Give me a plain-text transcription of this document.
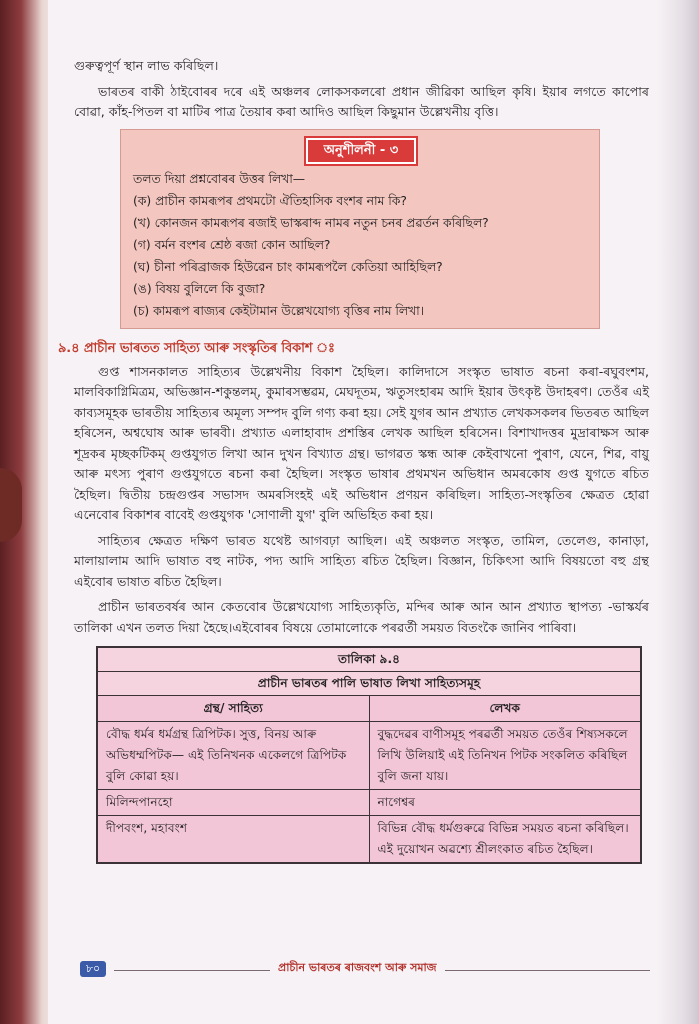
গুৰুত্বপূৰ্ণ স্থান লাভ কৰিছিল।

ভাৰতৰ বাকী ঠাইবোৰৰ দৰে এই অঞ্চলৰ লোকসকলৰো প্ৰধান জীৱিকা আছিল কৃষি। ইয়াৰ লগতে কাপোৰ বোৱা, কাঁহ-পিতল বা মাটিৰ পাত্ৰ তৈয়াৰ কৰা আদিও আছিল কিছুমান উল্লেখনীয় বৃত্তি।

অনুশীলনী - ৩
তলত দিয়া প্ৰশ্নবোৰৰ উত্তৰ লিখা—
(ক) প্ৰাচীন কামৰূপৰ প্ৰথমটো ঐতিহাসিক বংশৰ নাম কি?
(খ) কোনজন কামৰূপৰ ৰজাই ভাস্কৰাব্দ নামৰ নতুন চনৰ প্ৰৱৰ্তন কৰিছিল?
(গ) বৰ্মন বংশৰ শ্ৰেষ্ঠ ৰজা কোন আছিল?
(ঘ) চীনা পৰিব্ৰাজক হিউৱেন চাং কামৰূপলৈ কেতিয়া আহিছিল?
(ঙ) বিষয় বুলিলে কি বুজা?
(চ) কামৰূপ ৰাজ্যৰ কেইটামান উল্লেখযোগ্য বৃত্তিৰ নাম লিখা।
৯.৪ প্ৰাচীন ভাৰতত সাহিত্য আৰু সংস্কৃতিৰ বিকাশ ঃ

গুপ্ত শাসনকালত সাহিত্যৰ উল্লেখনীয় বিকাশ হৈছিল। কালিদাসে সংস্কৃত ভাষাত ৰচনা কৰা-ৰঘুবংশম, মালবিকাগ্নিমিত্ৰম, অভিজ্ঞান-শকুন্তলম্, কুমাৰসম্ভৱম, মেঘদূতম, ঋতুসংহাৰম আদি ইয়াৰ উৎকৃষ্ট উদাহৰণ। তেওঁৰ এই কাব্যসমূহক ভাৰতীয় সাহিত্যৰ অমূল্য সম্পদ বুলি গণ্য কৰা হয়। সেই যুগৰ আন প্ৰখ্যাত লেখকসকলৰ ভিতৰত আছিল হৰিসেন, অশ্বঘোষ আৰু ভাৰবী। প্ৰখ্যাত এলাহাবাদ প্ৰশস্তিৰ লেখক আছিল হৰিসেন। বিশাখাদত্তৰ মুদ্ৰাৰাক্ষস আৰু শূদ্ৰকৰ মৃচ্ছকটিকম্ গুপ্তযুগত লিখা আন দুখন বিখ্যাত গ্ৰন্থ। ভাগৱত স্কন্ধ আৰু কেইবাখনো পুৰাণ, যেনে, শিৱ, বায়ু আৰু মৎস্য পুৰাণ গুপ্তযুগতে ৰচনা কৰা হৈছিল। সংস্কৃত ভাষাৰ প্ৰথমখন অভিধান অমৰকোষ গুপ্ত যুগতে ৰচিত হৈছিল। দ্বিতীয় চন্দ্ৰগুপ্তৰ সভাসদ অমৰসিংহই এই অভিধান প্ৰণয়ন কৰিছিল। সাহিত্য-সংস্কৃতিৰ ক্ষেত্ৰত হোৱা এনেবোৰ বিকাশৰ বাবেই গুপ্তযুগক 'সোণালী যুগ' বুলি অভিহিত কৰা হয়।

সাহিত্যৰ ক্ষেত্ৰত দক্ষিণ ভাৰত যথেষ্ট আগবঢ়া আছিল। এই অঞ্চলত সংস্কৃত, তামিল, তেলেগু, কানাড়া, মালায়ালাম আদি ভাষাত বহু নাটক, পদ্য আদি সাহিত্য ৰচিত হৈছিল। বিজ্ঞান, চিকিৎসা আদি বিষয়তো বহু গ্ৰন্থ এইবোৰ ভাষাত ৰচিত হৈছিল।

প্ৰাচীন ভাৰতবৰ্ষৰ আন কেতবোৰ উল্লেখযোগ্য সাহিত্যকৃতি, মন্দিৰ আৰু আন আন প্ৰখ্যাত স্থাপত্য -ভাস্কৰ্যৰ তালিকা এখন তলত দিয়া হৈছে।এইবোৰৰ বিষয়ে তোমালোকে পৰৱৰ্তী সময়ত বিতংকৈ জানিব পাৰিবা।

তালিকা ৯.৪	
প্ৰাচীন ভাৰতৰ পালি ভাষাত লিখা সাহিত্যসমূহ	
গ্ৰন্থ/ সাহিত্য	লেখক
বৌদ্ধ ধৰ্মৰ ধৰ্মগ্ৰন্থ ত্ৰিপিটক। সুত্ত, বিনয় আৰু অভিধম্মপিটক— এই তিনিখনক একেলগে ত্ৰিপিটক বুলি কোৱা হয়।	বুদ্ধদেৱৰ বাণীসমূহ পৰৱৰ্তী সময়ত তেওঁৰ শিষ্যসকলে লিখি উলিয়াই এই তিনিখন পিটক সংকলিত কৰিছিল বুলি জনা যায়।
মিলিন্দপানহো	নাগেশ্বৰ
দীপবংশ, মহাবংশ	বিভিন্ন বৌদ্ধ ধৰ্মগুৰুৱে বিভিন্ন সময়ত ৰচনা কৰিছিল। এই দুয়োখন অৱশ্যে শ্ৰীলংকাত ৰচিত হৈছিল।
৮০	প্ৰাচীন ভাৰতৰ ৰাজবংশ আৰু সমাজ
